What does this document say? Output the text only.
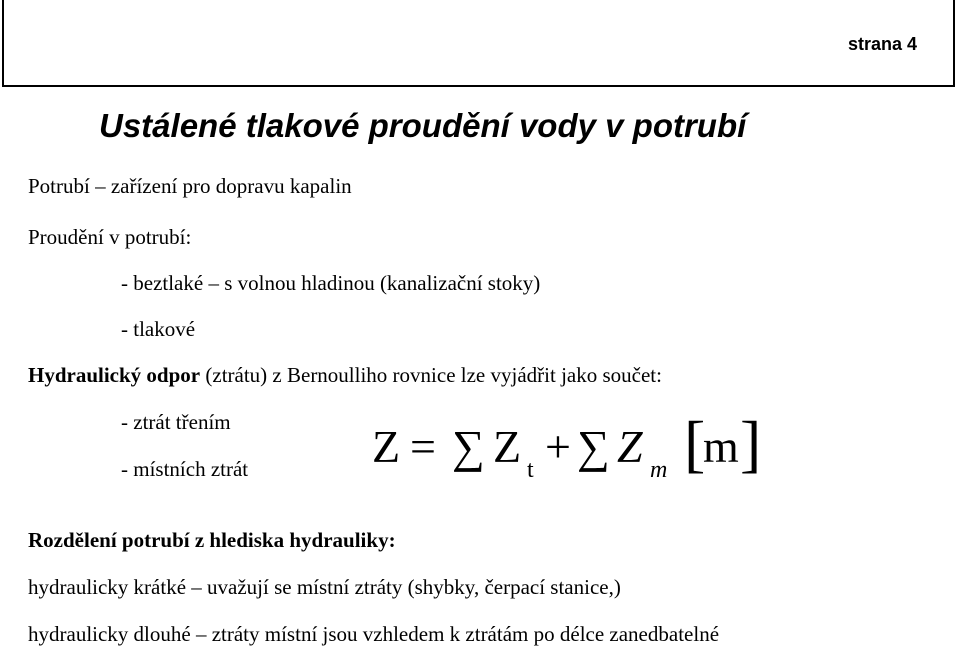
strana 4
Ustálené tlakové proudění vody v potrubí
Potrubí – zařízení pro dopravu kapalin
Proudění v potrubí:
- beztlaké – s volnou hladinou (kanalizační stoky)
- tlakové
Hydraulický odpor (ztrátu) z Bernoulliho rovnice lze vyjádřit jako součet:
- ztrát třením
- místních ztrát	Z = ∑ Z t + ∑ Z m [
m ]
Rozdělení potrubí z hlediska hydrauliky:
hydraulicky krátké – uvažují se místní ztráty (shybky, čerpací stanice,)
hydraulicky dlouhé – ztráty místní jsou vzhledem k ztrátám po délce zanedbatelné
